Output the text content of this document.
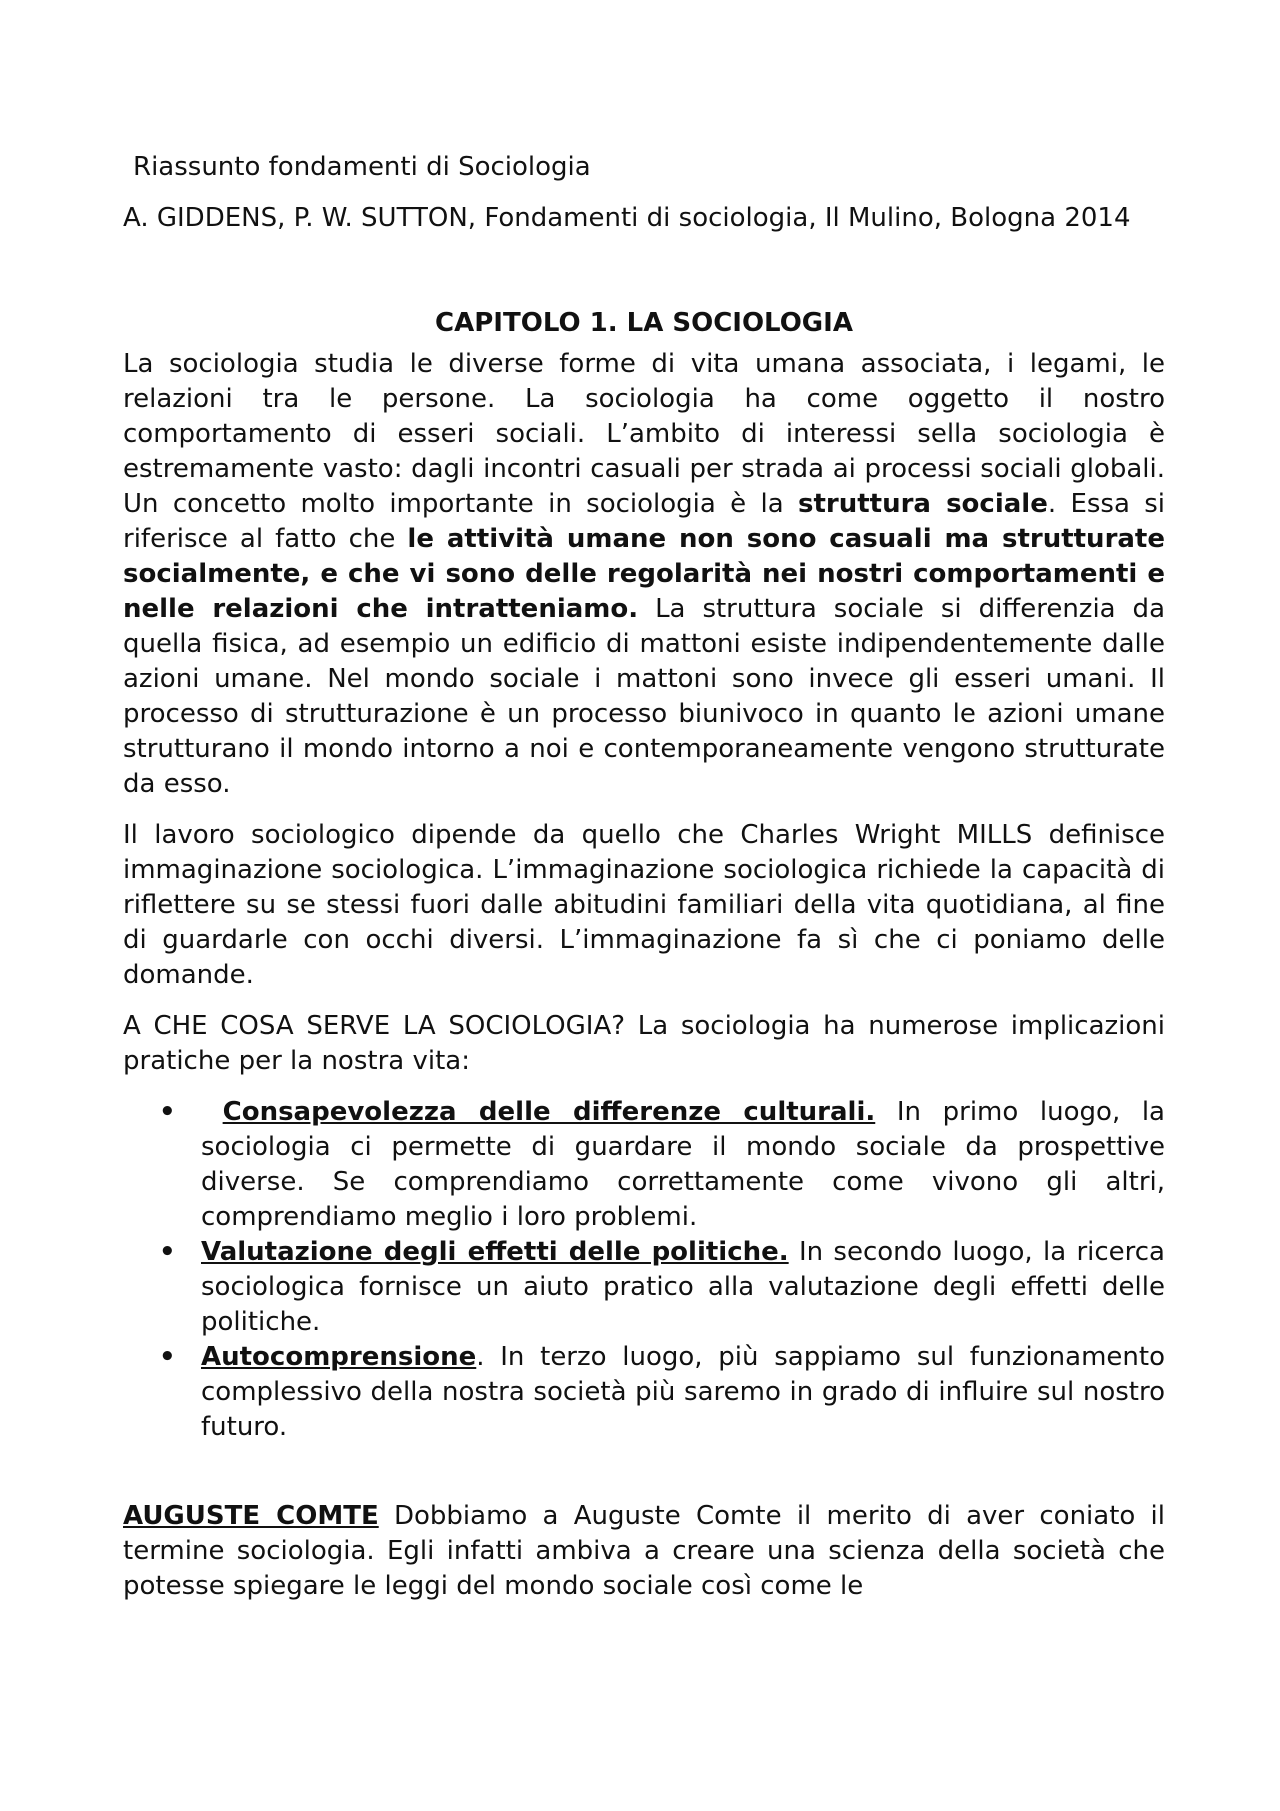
Riassunto fondamenti di Sociologia

A. GIDDENS, P. W. SUTTON, Fondamenti di sociologia, Il Mulino, Bologna 2014

CAPITOLO 1. LA SOCIOLOGIA

La sociologia studia le diverse forme di vita umana associata, i legami, le relazioni tra le persone. La sociologia ha come oggetto il nostro comportamento di esseri sociali. L’ambito di interessi sella sociologia è estremamente vasto: dagli incontri casuali per strada ai processi sociali globali. Un concetto molto importante in sociologia è la struttura sociale. Essa si riferisce al fatto che le attività umane non sono casuali ma strutturate socialmente, e che vi sono delle regolarità nei nostri comportamenti e nelle relazioni che intratteniamo. La struttura sociale si differenzia da quella fisica, ad esempio un edificio di mattoni esiste indipendentemente dalle azioni umane. Nel mondo sociale i mattoni sono invece gli esseri umani. Il processo di strutturazione è un processo biunivoco in quanto le azioni umane strutturano il mondo intorno a noi e contemporaneamente vengono strutturate da esso.

Il lavoro sociologico dipende da quello che Charles Wright MILLS definisce immaginazione sociologica. L’immaginazione sociologica richiede la capacità di riflettere su se stessi fuori dalle abitudini familiari della vita quotidiana, al fine di guardarle con occhi diversi. L’immaginazione fa sì che ci poniamo delle domande.

A CHE COSA SERVE LA SOCIOLOGIA? La sociologia ha numerose implicazioni pratiche per la nostra vita:

• Consapevolezza delle differenze culturali. In primo luogo, la sociologia ci permette di guardare il mondo sociale da prospettive diverse. Se comprendiamo correttamente come vivono gli altri, comprendiamo meglio i loro problemi.
• Valutazione degli effetti delle politiche. In secondo luogo, la ricerca sociologica fornisce un aiuto pratico alla valutazione degli effetti delle politiche.
• Autocomprensione. In terzo luogo, più sappiamo sul funzionamento complessivo della nostra società più saremo in grado di influire sul nostro futuro.

AUGUSTE COMTE Dobbiamo a Auguste Comte il merito di aver coniato il termine sociologia. Egli infatti ambiva a creare una scienza della società che potesse spiegare le leggi del mondo sociale così come le
